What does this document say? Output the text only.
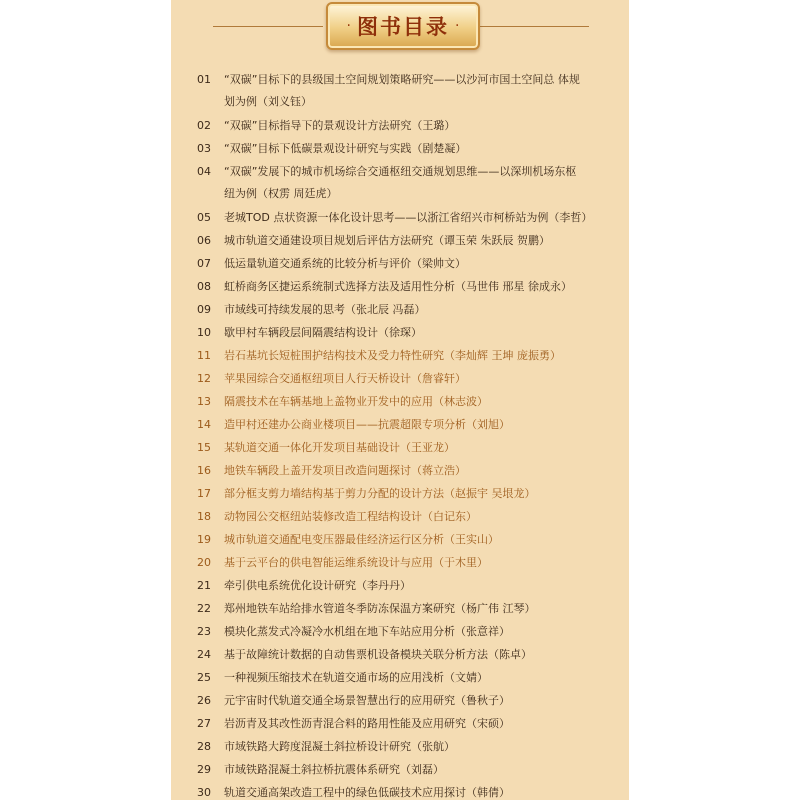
· 图书目录 ·
01	“双碳”目标下的县级国土空间规划策略研究——以沙河市国土空间总 体规
划为例（刘义钰）
02	“双碳”目标指导下的景观设计方法研究（王璐）
03	“双碳”目标下低碳景观设计研究与实践（剧楚凝）
04	“双碳”发展下的城市机场综合交通枢纽交通规划思维——以深圳机场东枢
纽为例（权雳 周廷虎）
05	老城TOD 点状资源一体化设计思考——以浙江省绍兴市柯桥站为例（李哲）
06	城市轨道交通建设项目规划后评估方法研究（谭玉荣 朱跃辰 贺鹏）
07	低运量轨道交通系统的比较分析与评价（梁帅文）
08	虹桥商务区捷运系统制式选择方法及适用性分析（马世伟 邢星 徐成永）
09	市域线可持续发展的思考（张北辰 冯磊）
10	歇甲村车辆段层间隔震结构设计（徐琛）
11	岩石基坑长短桩围护结构技术及受力特性研究（李灿辉 王坤 庞振勇）
12	苹果园综合交通枢纽项目人行天桥设计（詹睿轩）
13	隔震技术在车辆基地上盖物业开发中的应用（林志波）
14	造甲村还建办公商业楼项目——抗震超限专项分析（刘旭）
15	某轨道交通一体化开发项目基础设计（王亚龙）
16	地铁车辆段上盖开发项目改造问题探讨（蒋立浩）
17	部分框支剪力墙结构基于剪力分配的设计方法（赵振宇 吴垠龙）
18	动物园公交枢纽站装修改造工程结构设计（白记东）
19	城市轨道交通配电变压器最佳经济运行区分析（王实山）
20	基于云平台的供电智能运维系统设计与应用（于木里）
21	牵引供电系统优化设计研究（李丹丹）
22	郑州地铁车站给排水管道冬季防冻保温方案研究（杨广伟 江琴）
23	模块化蒸发式冷凝冷水机组在地下车站应用分析（张意祥）
24	基于故障统计数据的自动售票机设备模块关联分析方法（陈卓）
25	一种视频压缩技术在轨道交通市场的应用浅析（文婧）
26	元宇宙时代轨道交通全场景智慧出行的应用研究（鲁秋子）
27	岩沥青及其改性沥青混合料的路用性能及应用研究（宋硕）
28	市域铁路大跨度混凝土斜拉桥设计研究（张航）
29	市域铁路混凝土斜拉桥抗震体系研究（刘磊）
30	轨道交通高架改造工程中的绿色低碳技术应用探讨（韩倩）
